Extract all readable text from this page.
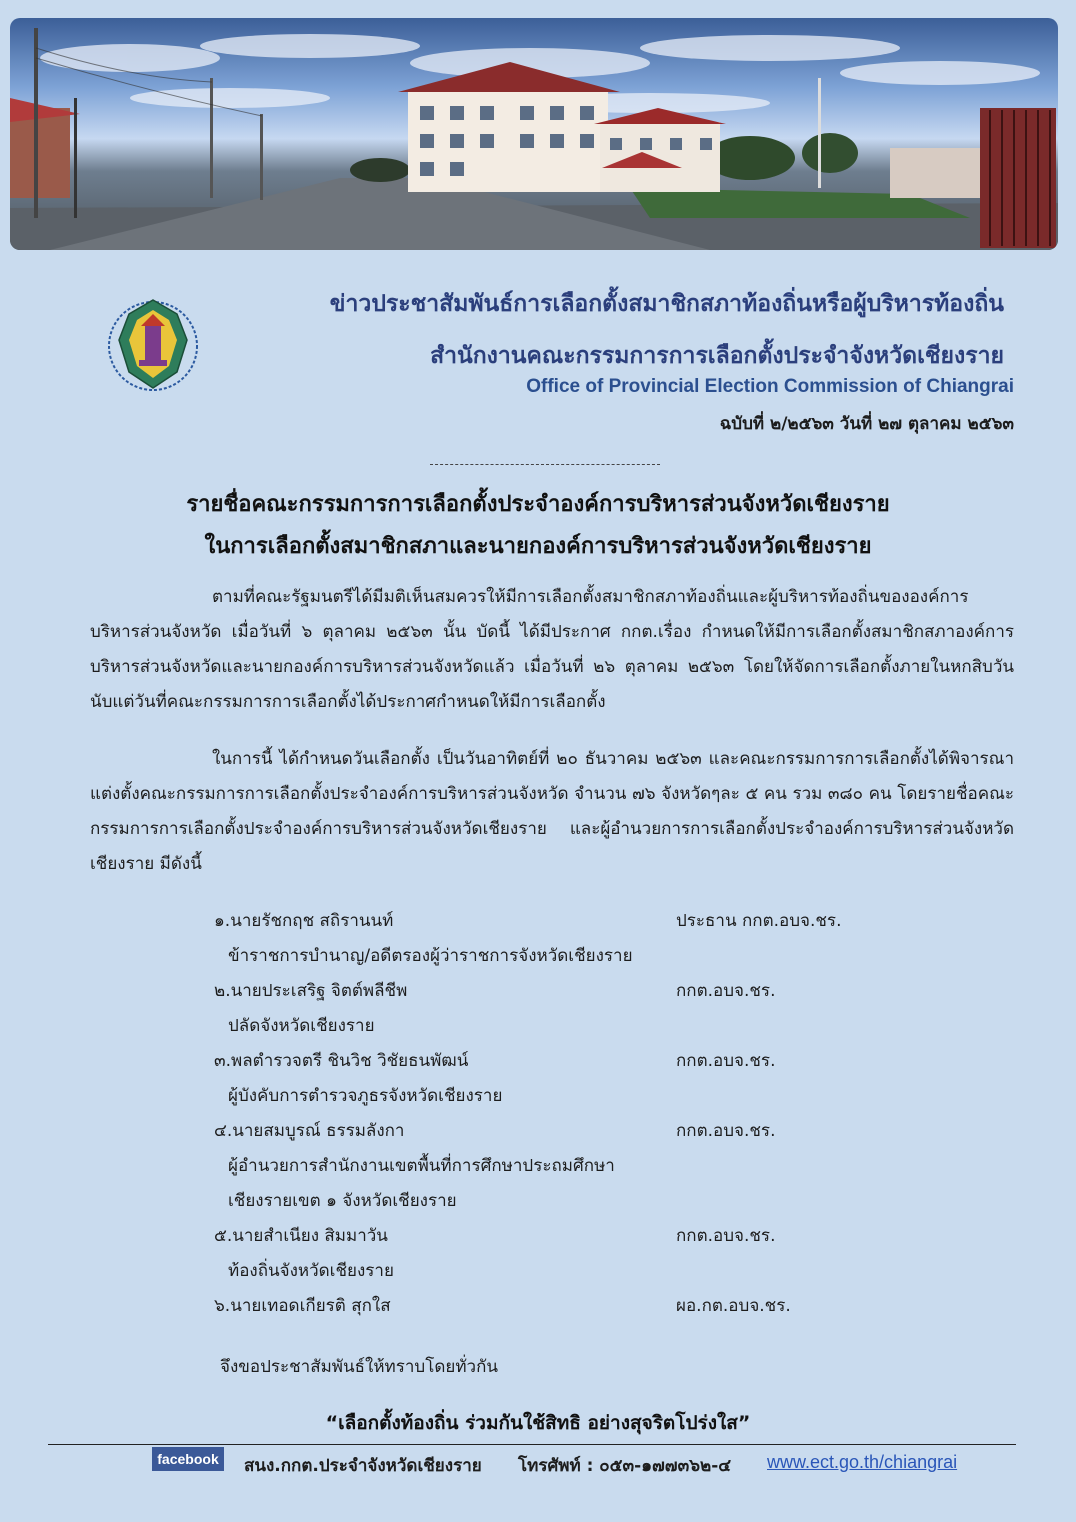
ข่าวประชาสัมพันธ์การเลือกตั้งสมาชิกสภาท้องถิ่นหรือผู้บริหารท้องถิ่น
สำนักงานคณะกรรมการการเลือกตั้งประจำจังหวัดเชียงราย
Office of Provincial Election Commission of Chiangrai
ฉบับที่ ๒/๒๕๖๓ วันที่ ๒๗ ตุลาคม ๒๕๖๓
รายชื่อคณะกรรมการการเลือกตั้งประจำองค์การบริหารส่วนจังหวัดเชียงราย
ในการเลือกตั้งสมาชิกสภาและนายกองค์การบริหารส่วนจังหวัดเชียงราย

ตามที่คณะรัฐมนตรีได้มีมติเห็นสมควรให้มีการเลือกตั้งสมาชิกสภาท้องถิ่นและผู้บริหารท้องถิ่นขององค์การบริหารส่วนจังหวัด เมื่อวันที่ ๖ ตุลาคม ๒๕๖๓ นั้น บัดนี้ ได้มีประกาศ กกต.เรื่อง กำหนดให้มีการเลือกตั้งสมาชิกสภาองค์การบริหารส่วนจังหวัดและนายกองค์การบริหารส่วนจังหวัดแล้ว เมื่อวันที่ ๒๖ ตุลาคม ๒๕๖๓ โดยให้จัดการเลือกตั้งภายในหกสิบวันนับแต่วันที่คณะกรรมการการเลือกตั้งได้ประกาศกำหนดให้มีการเลือกตั้ง

ในการนี้ ได้กำหนดวันเลือกตั้ง เป็นวันอาทิตย์ที่ ๒๐ ธันวาคม ๒๕๖๓ และคณะกรรมการการเลือกตั้งได้พิจารณาแต่งตั้งคณะกรรมการการเลือกตั้งประจำองค์การบริหารส่วนจังหวัด จำนวน ๗๖ จังหวัดๆละ ๕ คน รวม ๓๘๐ คน โดยรายชื่อคณะกรรมการการเลือกตั้งประจำองค์การบริหารส่วนจังหวัดเชียงราย และผู้อำนวยการการเลือกตั้งประจำองค์การบริหารส่วนจังหวัดเชียงราย มีดังนี้

๑.นายรัชกฤช สถิรานนท์	ประธาน กกต.อบจ.ชร.
ข้าราชการบำนาญ/อดีตรองผู้ว่าราชการจังหวัดเชียงราย
๒.นายประเสริฐ จิตต์พลีชีพ	กกต.อบจ.ชร.
ปลัดจังหวัดเชียงราย
๓.พลตำรวจตรี ชินวิช วิชัยธนพัฒน์	กกต.อบจ.ชร.
ผู้บังคับการตำรวจภูธรจังหวัดเชียงราย
๔.นายสมบูรณ์ ธรรมลังกา	กกต.อบจ.ชร.
ผู้อำนวยการสำนักงานเขตพื้นที่การศึกษาประถมศึกษา
เชียงรายเขต ๑ จังหวัดเชียงราย
๕.นายสำเนียง สิมมาวัน	กกต.อบจ.ชร.
ท้องถิ่นจังหวัดเชียงราย
๖.นายเทอดเกียรติ สุกใส	ผอ.กต.อบจ.ชร.
จึงขอประชาสัมพันธ์ให้ทราบโดยทั่วกัน
“เลือกตั้งท้องถิ่น ร่วมกันใช้สิทธิ อย่างสุจริตโปร่งใส”
facebook	สนง.กกต.ประจำจังหวัดเชียงราย โทรศัพท์ : ๐๕๓-๑๗๗๓๖๒-๔ www.ect.go.th/chiangrai
